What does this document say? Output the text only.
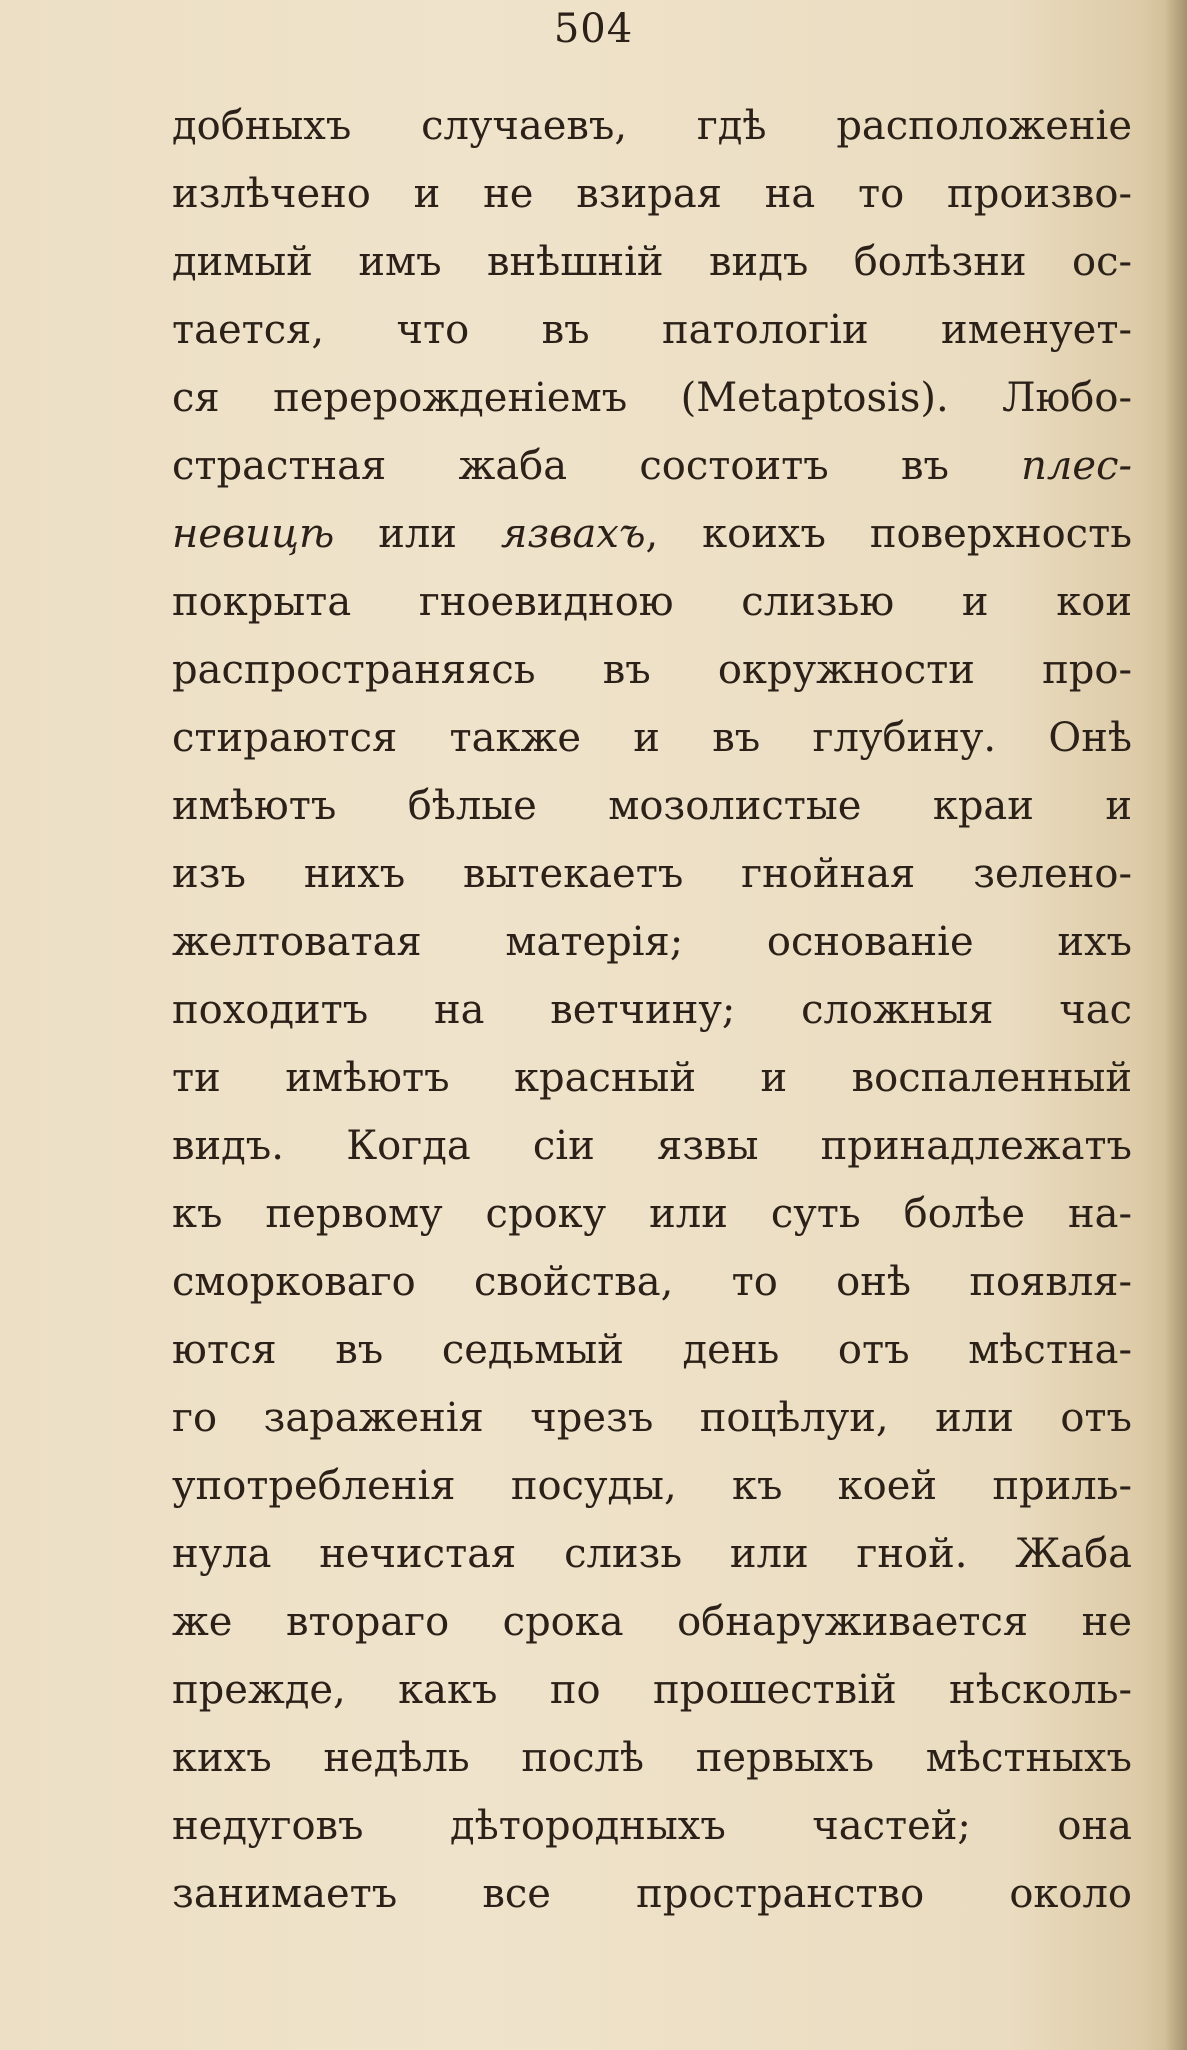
504
добныхъ случаевъ, гдѣ расположенie
излѣчено и не взирая на то произво-
димый имъ внѣшнiй видъ болѣзни ос-
тается, что въ патологiи именует-
ся перерожденiемъ (Metaptosis). Любо-
страстная жаба состоитъ въ плес-
невицѣ или язвахъ, коихъ поверхность
покрыта гноевидною слизью и кои
распространяясь въ окружности про-
стираются также и въ глубину. Онѣ
имѣютъ бѣлые мозолистые краи и
изъ нихъ вытекаетъ гнойная зелено-
желтоватая матерiя; основанiе ихъ
походитъ на ветчину; сложныя час
ти имѣютъ красный и воспаленный
видъ. Когда сiи язвы принадлежатъ
къ первому сроку или суть болѣе на-
сморковаго свойства, то онѣ появля-
ются въ седьмый день отъ мѣстна-
го зараженiя чрезъ поцѣлуи, или отъ
употребленiя посуды, къ коей приль-
нула нечистая слизь или гной. Жаба
же втораго срока обнаруживается не
прежде, какъ по прошествiй нѣсколь-
кихъ недѣль послѣ первыхъ мѣстныхъ
недуговъ дѣтородныхъ частей; она
занимаетъ все пространство около
